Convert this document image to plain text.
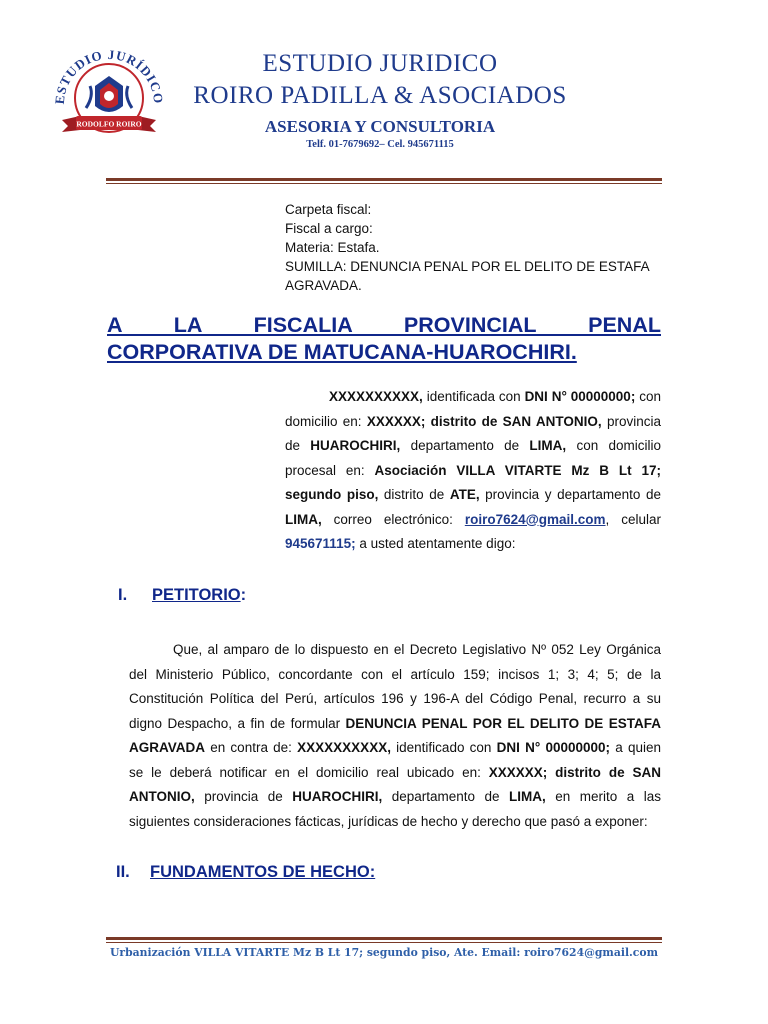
ESTUDIO JURÍDICO
RODOLFO ROIRO
ESTUDIO JURIDICO
ROIRO PADILLA & ASOCIADOS
ASESORIA Y CONSULTORIA
Telf. 01-7679692– Cel. 945671115
Carpeta fiscal:
Fiscal a cargo:
Materia: Estafa.
SUMILLA: DENUNCIA PENAL POR EL DELITO DE ESTAFA
AGRAVADA.
A LA FISCALIA PROVINCIAL PENAL
CORPORATIVA DE MATUCANA-HUAROCHIRI.
XXXXXXXXXX, identificada con DNI N° 00000000; con domicilio en: XXXXXX; distrito de SAN ANTONIO, provincia de HUAROCHIRI, departamento de LIMA, con domicilio procesal en: Asociación VILLA VITARTE Mz B Lt 17; segundo piso, distrito de ATE, provincia y departamento de LIMA, correo electrónico: roiro7624@gmail.com, celular 945671115; a usted atentamente digo:
I. PETITORIO:
Que, al amparo de lo dispuesto en el Decreto Legislativo Nº 052 Ley Orgánica del Ministerio Público, concordante con el artículo 159; incisos 1; 3; 4; 5; de la Constitución Política del Perú, artículos 196 y 196-A del Código Penal, recurro a su digno Despacho, a fin de formular DENUNCIA PENAL POR EL DELITO DE ESTAFA AGRAVADA en contra de: XXXXXXXXXX, identificado con DNI N° 00000000; a quien se le deberá notificar en el domicilio real ubicado en: XXXXXX; distrito de SAN ANTONIO, provincia de HUAROCHIRI, departamento de LIMA, en merito a las siguientes consideraciones fácticas, jurídicas de hecho y derecho que pasó a exponer:
II. FUNDAMENTOS DE HECHO:
Urbanización VILLA VITARTE Mz B Lt 17; segundo piso, Ate. Email: roiro7624@gmail.com
